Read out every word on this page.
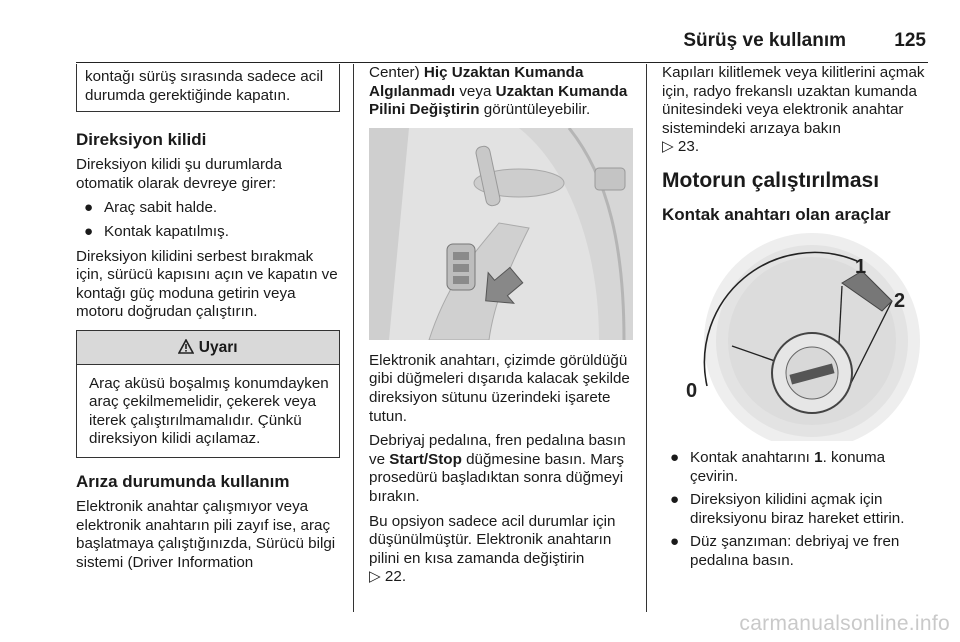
Sürüş ve kullanım	125

kontağı sürüş sırasında sadece acil durumda gerektiğinde kapatın.

Direksiyon kilidi

Direksiyon kilidi şu durumlarda otomatik olarak devreye girer:

● Araç sabit halde.
● Kontak kapatılmış.

Direksiyon kilidini serbest bırakmak için, sürücü kapısını açın ve kapatın ve kontağı güç moduna getirin veya motoru doğrudan çalıştırın.

Uyarı
Araç aküsü boşalmış konumdayken araç çekilmemelidir, çekerek veya iterek çalıştırılmamalıdır. Çünkü direksiyon kilidi açılamaz.
Arıza durumunda kullanım

Elektronik anahtar çalışmıyor veya elektronik anahtarın pili zayıf ise, araç başlatmaya çalıştığınızda, Sürücü bilgi sistemi (Driver Information

Center) Hiç Uzaktan Kumanda Algılanmadı veya Uzaktan Kumanda Pilini Değiştirin görüntüleyebilir.

Elektronik anahtarı, çizimde görüldüğü gibi düğmeleri dışarıda kalacak şekilde direksiyon sütunu üzerindeki işarete tutun.

Debriyaj pedalına, fren pedalına basın ve Start/Stop düğmesine basın. Marş prosedürü başladıktan sonra düğmeyi bırakın.

Bu opsiyon sadece acil durumlar için düşünülmüştür. Elektronik anahtarın pilini en kısa zamanda değiştirin
▷ 22.

Kapıları kilitlemek veya kilitlerini açmak için, radyo frekanslı uzaktan kumanda ünitesindeki veya elektronik anahtar sistemindeki arızaya bakın
▷ 23.

Motorun çalıştırılması
Kontak anahtarı olan araçlar
1
2
0
● Kontak anahtarını 1. konuma çevirin.
● Direksiyon kilidini açmak için direksiyonu biraz hareket ettirin.
● Düz şanzıman: debriyaj ve fren pedalına basın.
carmanualsonline.info
